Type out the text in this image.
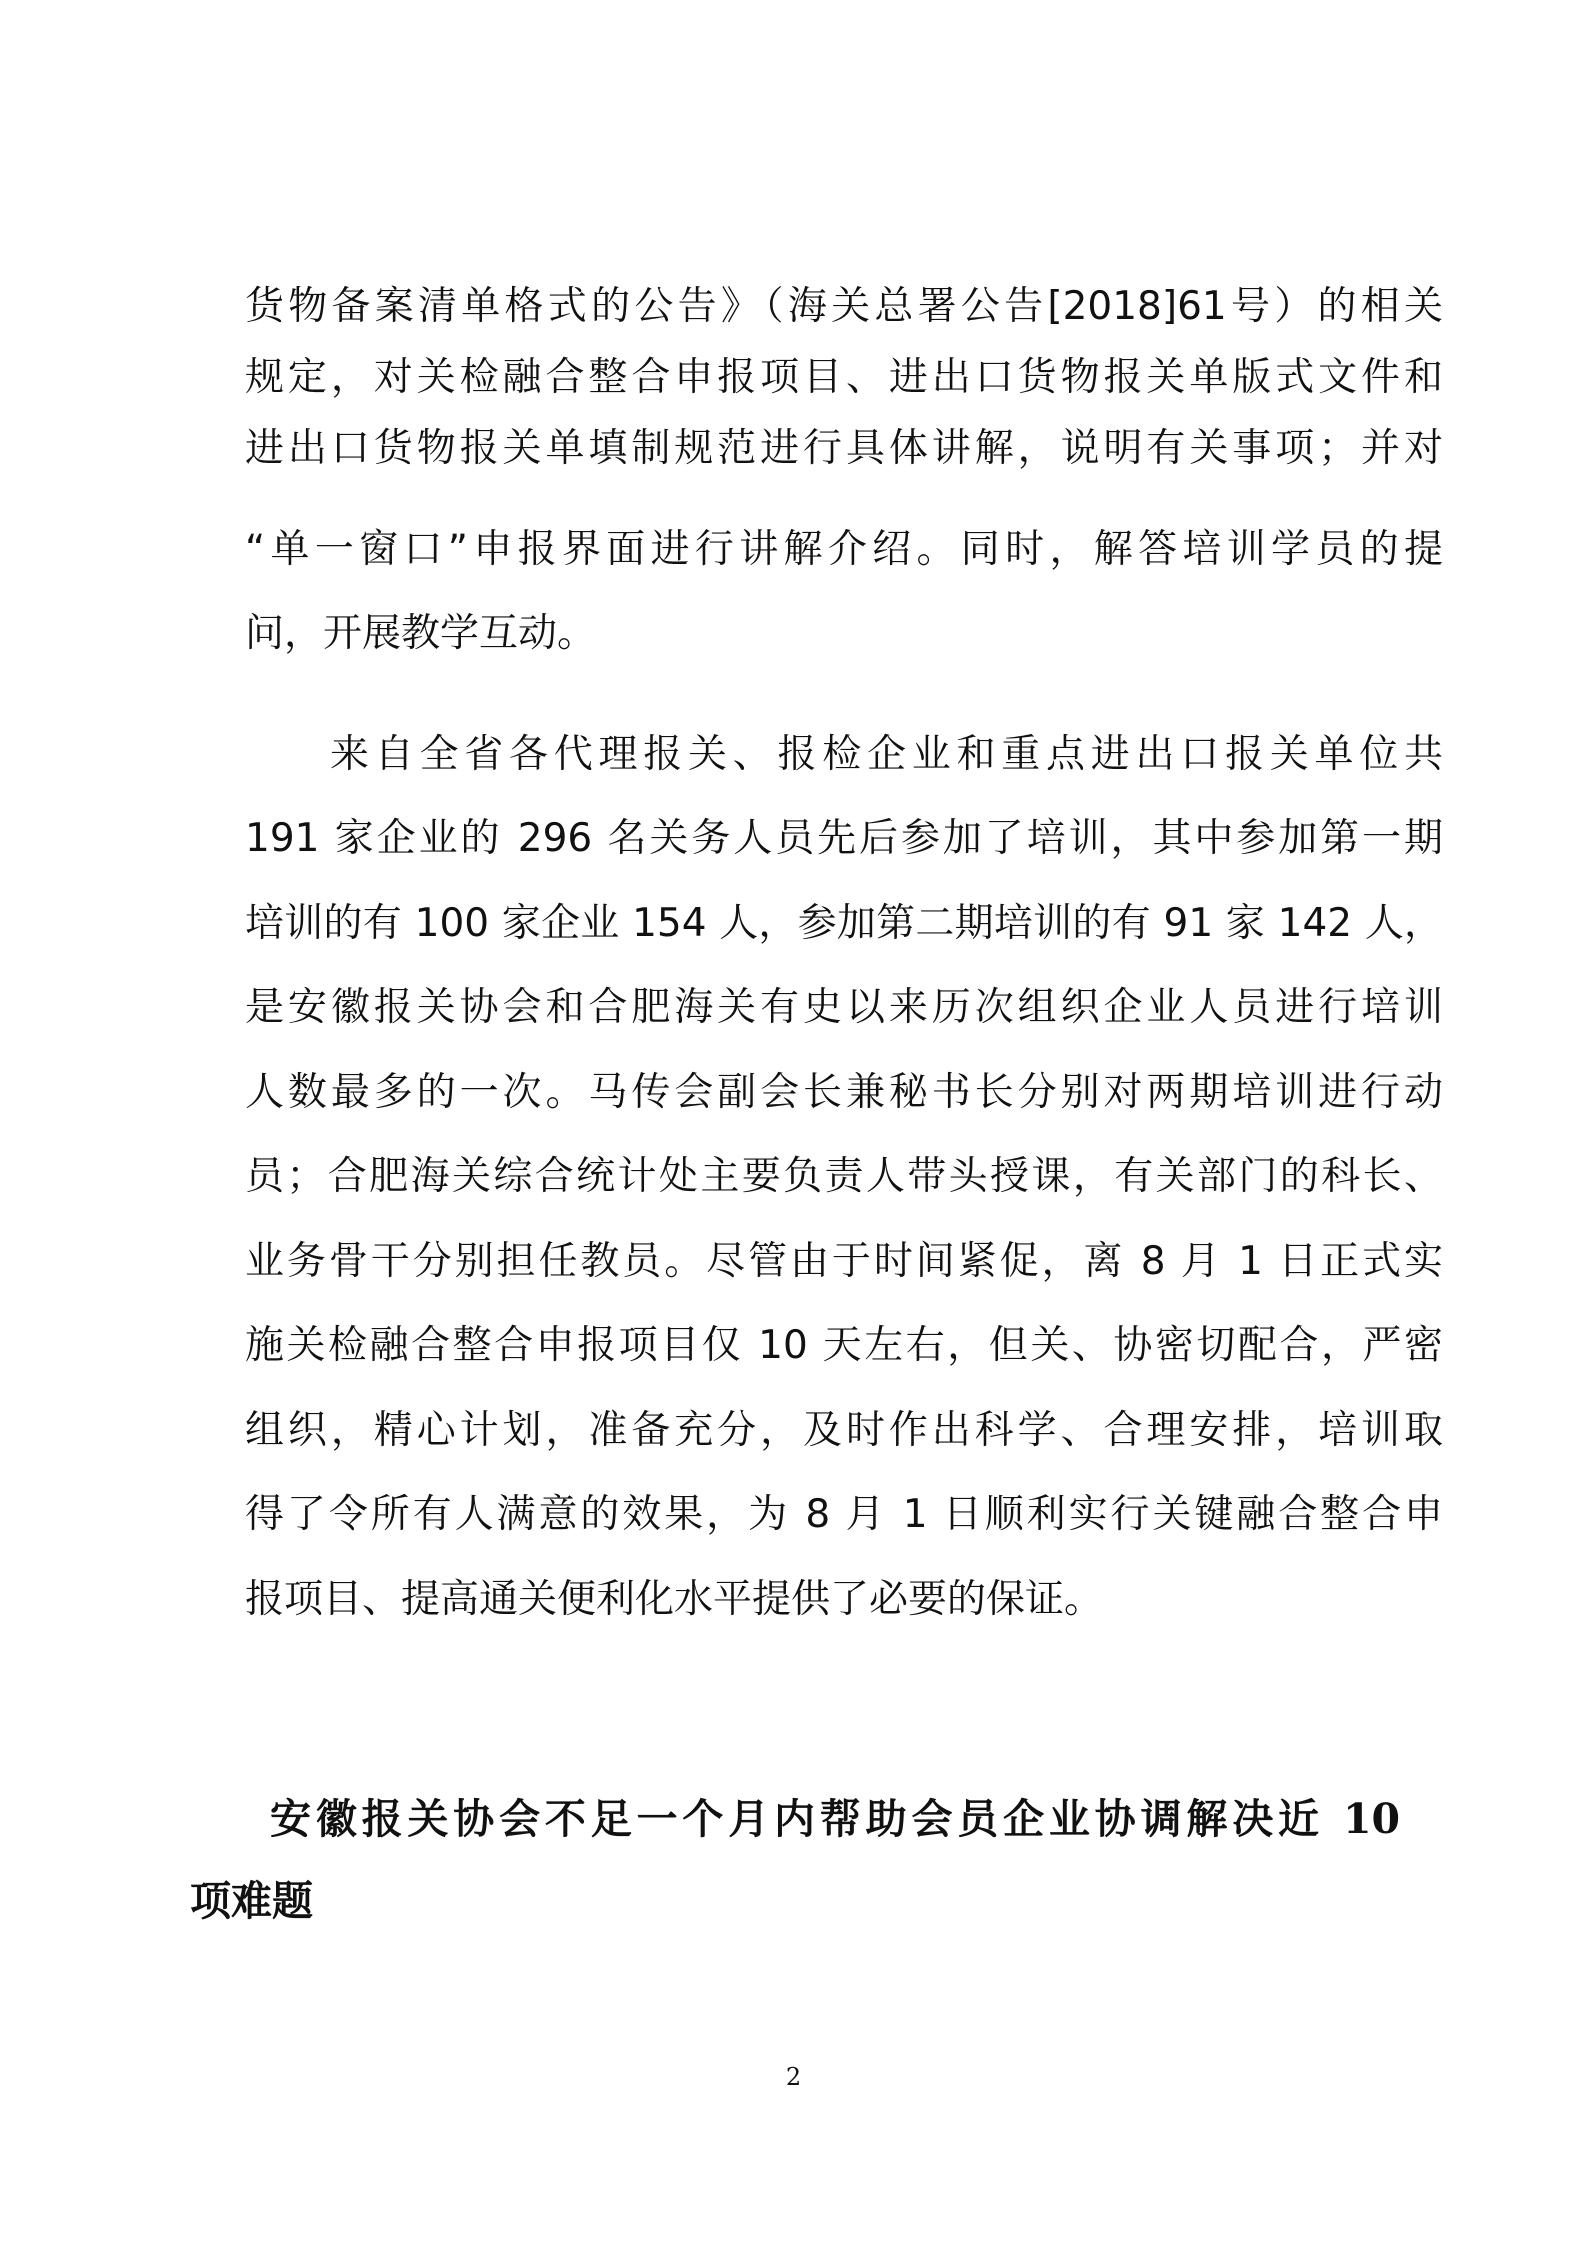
货物备案清单格式的公告》（海关总署公告[2018]61号）的相关
规定，对关检融合整合申报项目、进出口货物报关单版式文件和
进出口货物报关单填制规范进行具体讲解，说明有关事项；并对
“单一窗口”申报界面进行讲解介绍。同时，解答培训学员的提
问，开展教学互动。
来自全省各代理报关、报检企业和重点进出口报关单位共
191 家企业的 296 名关务人员先后参加了培训，其中参加第一期
培训的有 100 家企业 154 人，参加第二期培训的有 91 家 142 人，
是安徽报关协会和合肥海关有史以来历次组织企业人员进行培训
人数最多的一次。马传会副会长兼秘书长分别对两期培训进行动
员；合肥海关综合统计处主要负责人带头授课，有关部门的科长、
业务骨干分别担任教员。尽管由于时间紧促，离 8 月 1 日正式实
施关检融合整合申报项目仅 10 天左右，但关、协密切配合，严密
组织，精心计划，准备充分，及时作出科学、合理安排，培训取
得了令所有人满意的效果，为 8 月 1 日顺利实行关键融合整合申
报项目、提高通关便利化水平提供了必要的保证。
安徽报关协会不足一个月内帮助会员企业协调解决近 10
项难题
2
